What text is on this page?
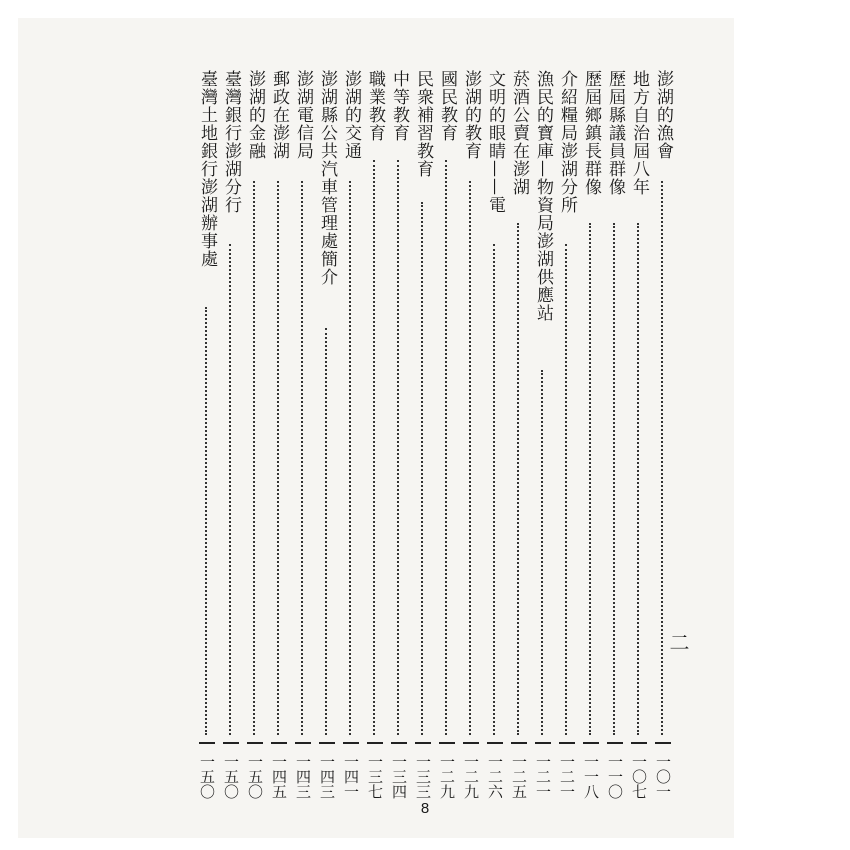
澎湖的漁會
一〇一
地方自治屆八年
一〇七
歷屆縣議員群像
一一〇
歷屆鄉鎮長群像
一一八
介紹糧局澎湖分所
一二一
漁民的寶庫—物資局澎湖供應站
一二一
菸酒公賣在澎湖
一二五
文明的眼睛——電
一二六
澎湖的教育
一二九
國民教育
一二九
民衆補習教育
一三三
中等教育
一三四
職業教育
一三七
澎湖的交通
一四一
澎湖縣公共汽車管理處簡介
一四三
澎湖電信局
一四三
郵政在澎湖
一四五
澎湖的金融
一五〇
臺灣銀行澎湖分行
一五〇
臺灣土地銀行澎湖辦事處
一五〇
二
8
